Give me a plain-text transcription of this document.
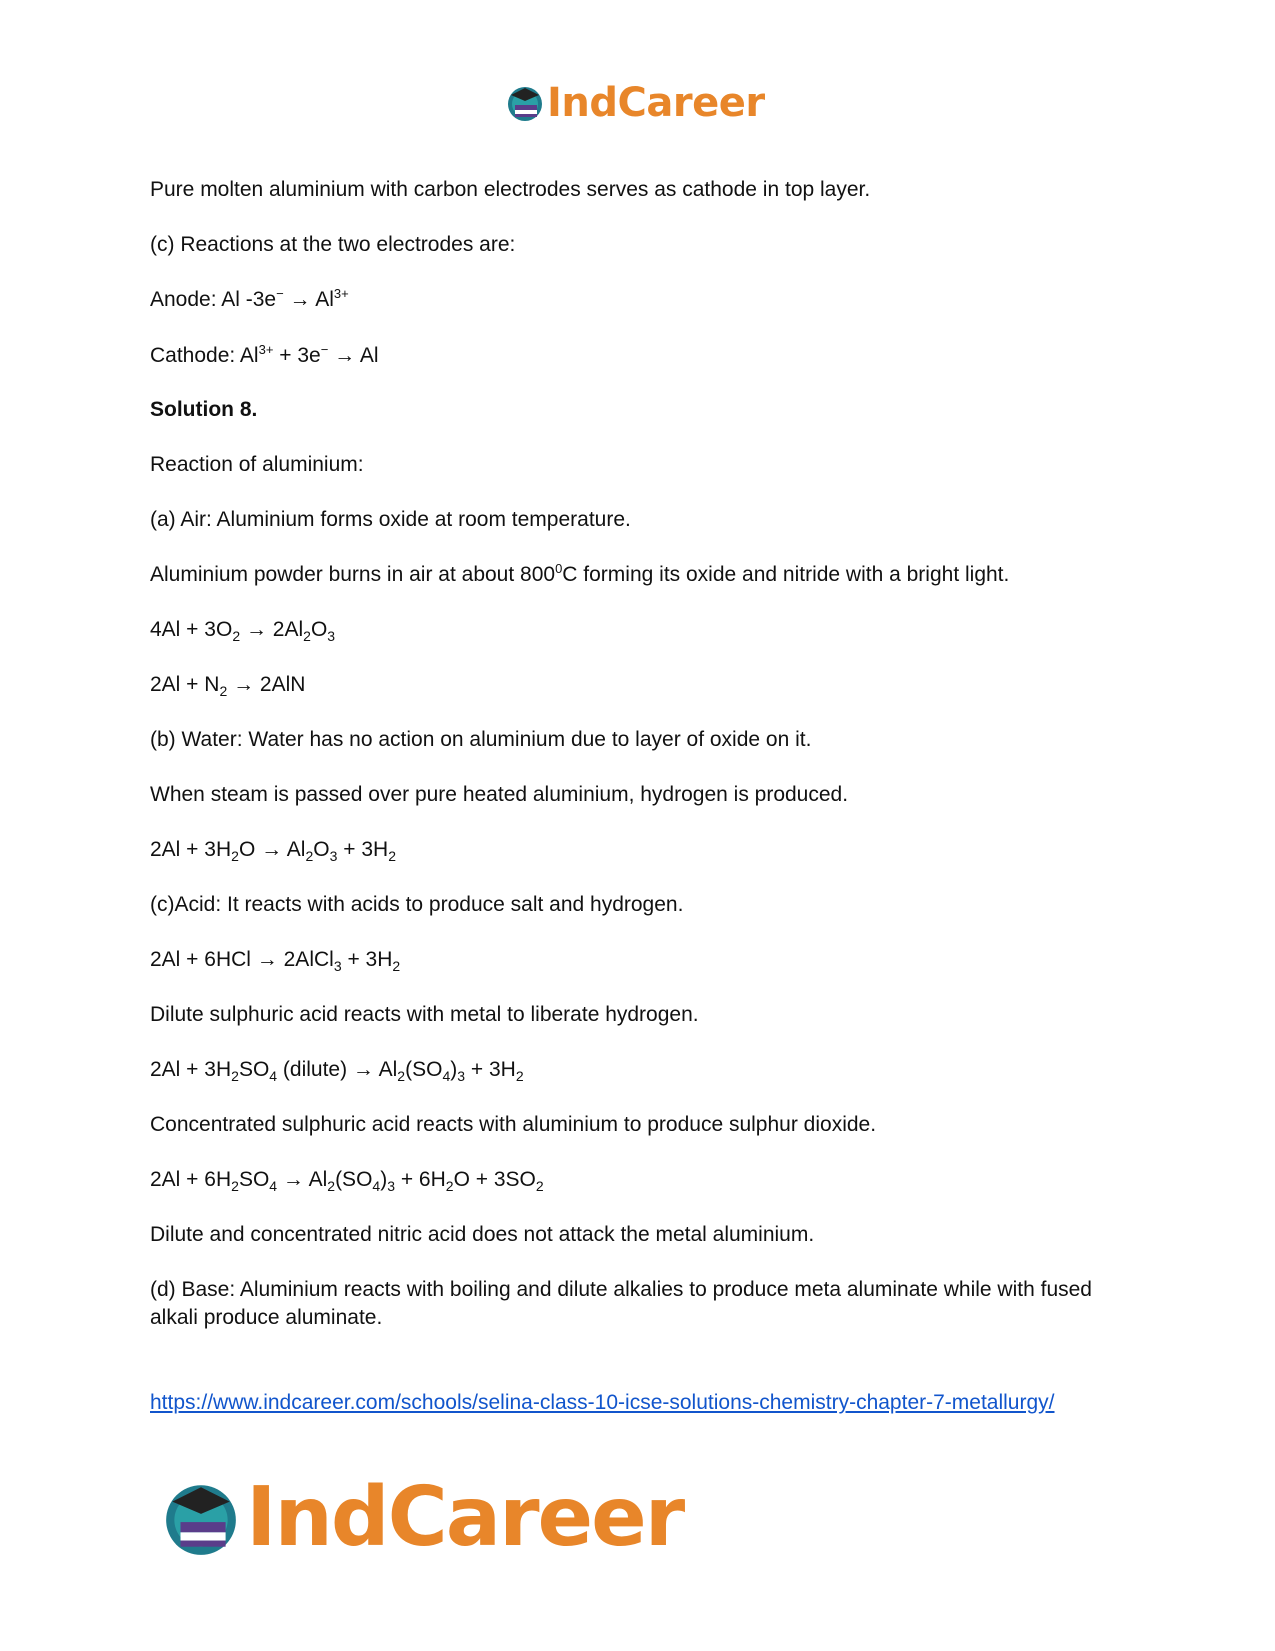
IndCareer

Pure molten aluminium with carbon electrodes serves as cathode in top layer.

(c) Reactions at the two electrodes are:

Anode: Al $-3e^- \to Al^{3+}$

Cathode: $Al^{3+} + 3e^- \to Al$

Solution 8.

Reaction of aluminium:

(a) Air: Aluminium forms oxide at room temperature.

Aluminium powder burns in air at about $800^0C$ forming its oxide and nitride with a bright light.

$4Al + 3O_2 \to 2Al_2O_3$

$2Al + N_2 \to 2AlN$

(b) Water: Water has no action on aluminium due to layer of oxide on it.

When steam is passed over pure heated aluminium, hydrogen is produced.

$2Al + 3H_2O \to Al_2O_3 + 3H_2$

(c)Acid: It reacts with acids to produce salt and hydrogen.

2Al + 6HCl → 2AlCl$_3$ + $3H_2$

Dilute sulphuric acid reacts with metal to liberate hydrogen.

$2Al + 3H_2SO_4$ (dilute) → $Al_2(SO_4)_3 + 3H_2$

Concentrated sulphuric acid reacts with aluminium to produce sulphur dioxide.

$2Al + 6H_2SO_4 \to Al_2(SO_4)_3 + 6H_2O + 3SO_2$

Dilute and concentrated nitric acid does not attack the metal aluminium.

(d) Base: Aluminium reacts with boiling and dilute alkalies to produce meta aluminate while with fused alkali produce aluminate.

https://www.indcareer.com/schools/selina-class-10-icse-solutions-chemistry-chapter-7-metallurgy/
IndCareer
